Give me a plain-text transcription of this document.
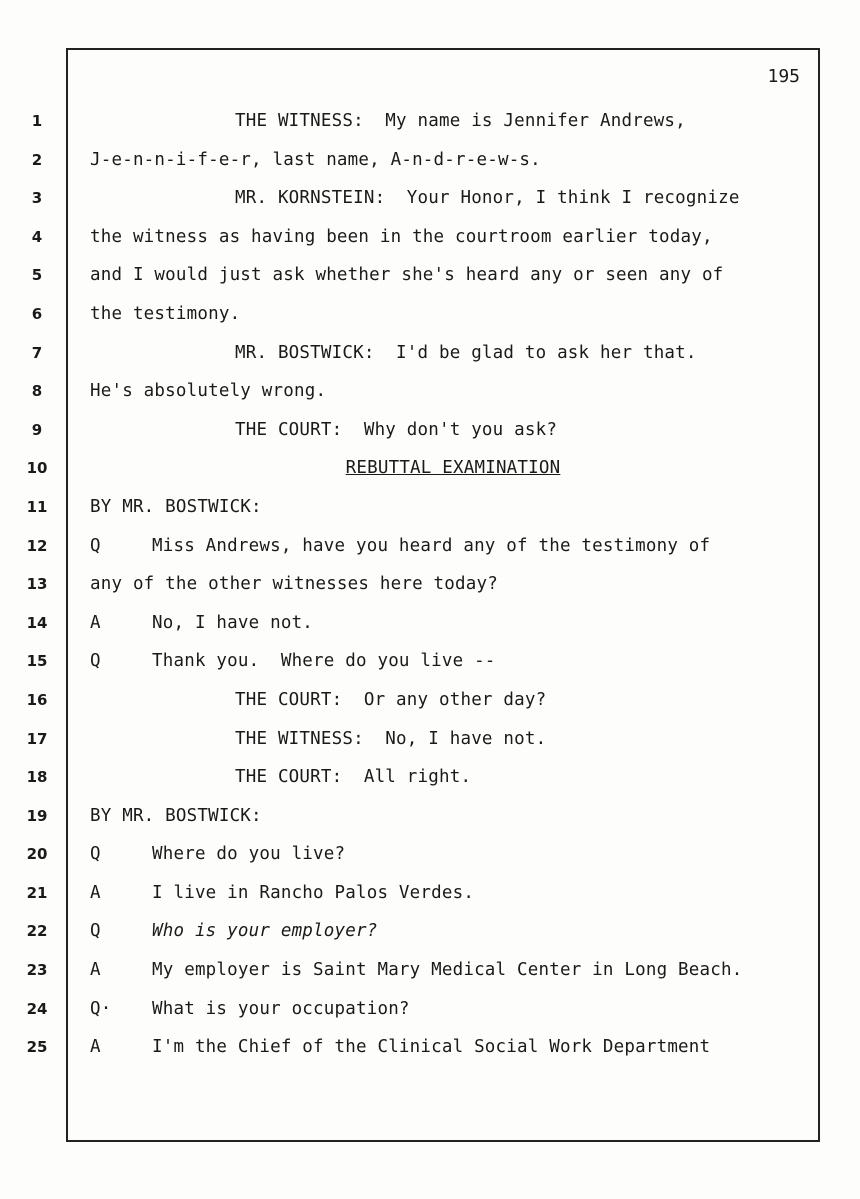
195
1
2
3
4
5
6
7
8
9
10
11
12
13
14
15
16
17
18
19
20
21
22
23
24
25
THE WITNESS:  My name is Jennifer Andrews,
J-e-n-n-i-f-e-r, last name, A-n-d-r-e-w-s.
MR. KORNSTEIN:  Your Honor, I think I recognize
the witness as having been in the courtroom earlier today,
and I would just ask whether she's heard any or seen any of
the testimony.
MR. BOSTWICK:  I'd be glad to ask her that.
He's absolutely wrong.
THE COURT:  Why don't you ask?
REBUTTAL EXAMINATION
BY MR. BOSTWICK:
Q	Miss Andrews, have you heard any of the testimony of
any of the other witnesses here today?
A	No, I have not.
Q	Thank you.  Where do you live --
THE COURT:  Or any other day?
THE WITNESS:  No, I have not.
THE COURT:  All right.
BY MR. BOSTWICK:
Q	Where do you live?
A	I live in Rancho Palos Verdes.
Q	Who is your employer?
A	My employer is Saint Mary Medical Center in Long Beach.
Q· What is your occupation?
A	I'm the Chief of the Clinical Social Work Department
